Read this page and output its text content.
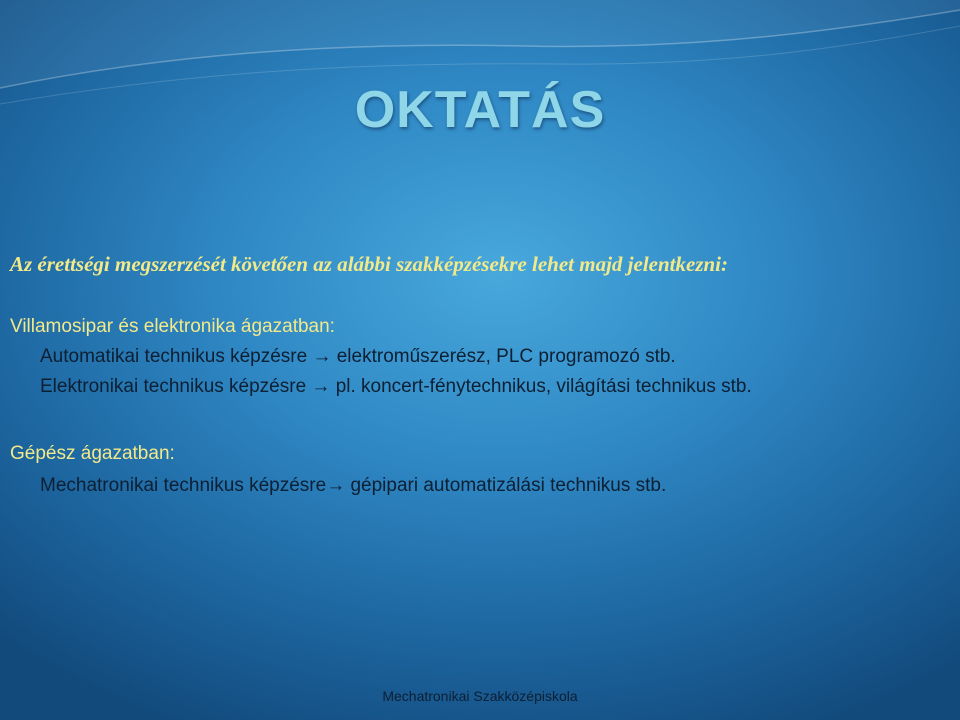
OKTATÁS
Az érettségi megszerzését követően az alábbi szakképzésekre lehet majd jelentkezni:
Villamosipar és elektronika ágazatban:
Automatikai technikus képzésre → elektroműszerész, PLC programozó stb.
Elektronikai technikus képzésre → pl. koncert-fénytechnikus, világítási technikus stb.
Gépész ágazatban:
Mechatronikai technikus képzésre→ gépipari automatizálási technikus stb.
Mechatronikai Szakközépiskola
